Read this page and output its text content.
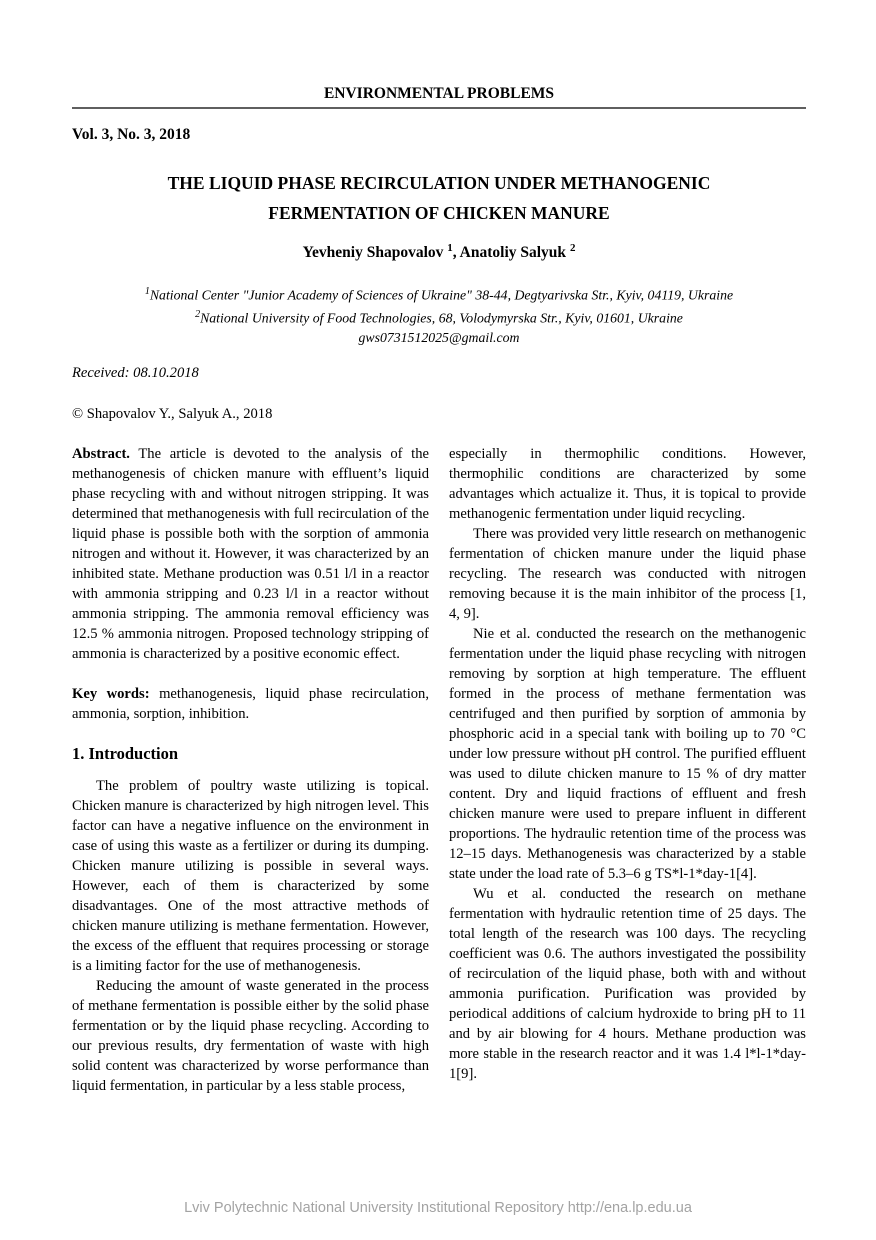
ENVIRONMENTAL PROBLEMS
Vol. 3, No. 3, 2018
THE LIQUID PHASE RECIRCULATION UNDER METHANOGENIC FERMENTATION OF CHICKEN MANURE
Yevheniy Shapovalov $^1$, Anatoliy Salyuk $^2$
$^1$National Center "Junior Academy of Sciences of Ukraine" 38-44, Degtyarivska Str., Kyiv, 04119, Ukraine
$^2$National University of Food Technologies, 68, Volodymyrska Str., Kyiv, 01601, Ukraine
gws0731512025@gmail.com
Received: 08.10.2018
© Shapovalov Y., Salyuk A., 2018

Abstract. The article is devoted to the analysis of the methanogenesis of chicken manure with effluent’s liquid phase recycling with and without nitrogen stripping. It was determined that methanogenesis with full recirculation of the liquid phase is possible both with the sorption of ammonia nitrogen and without it. However, it was characterized by an inhibited state. Methane production was 0.51 l/l in a reactor with ammonia stripping and 0.23 l/l in a reactor without ammonia stripping. The ammonia removal efficiency was 12.5 % ammonia nitrogen. Proposed technology stripping of ammonia is characterized by a positive economic effect.

Key words: methanogenesis, liquid phase recirculation, ammonia, sorption, inhibition.

1. Introduction

The problem of poultry waste utilizing is topical. Chicken manure is characterized by high nitrogen level. This factor can have a negative influence on the environment in case of using this waste as a fertilizer or during its dumping. Chicken manure utilizing is possible in several ways. However, each of them is characterized by some disadvantages. One of the most attractive methods of chicken manure utilizing is methane fermentation. However, the excess of the effluent that requires processing or storage is a limiting factor for the use of methanogenesis.

Reducing the amount of waste generated in the process of methane fermentation is possible either by the solid phase fermentation or by the liquid phase recycling. According to our previous results, dry fermentation of waste with high solid content was characterized by worse performance than liquid fermentation, in particular by a less stable process,

especially in thermophilic conditions. However, thermophilic conditions are characterized by some advantages which actualize it. Thus, it is topical to provide methanogenic fermentation under liquid recycling.

There was provided very little research on methanogenic fermentation of chicken manure under the liquid phase recycling. The research was conducted with nitrogen removing because it is the main inhibitor of the process [1, 4, 9].

Nie et al. conducted the research on the methanogenic fermentation under the liquid phase recycling with nitrogen removing by sorption at high temperature. The effluent formed in the process of methane fermentation was centrifuged and then purified by sorption of ammonia by phosphoric acid in a special tank with boiling up to 70 °C under low pressure without pH control. The purified effluent was used to dilute chicken manure to 15 % of dry matter content. Dry and liquid fractions of effluent and fresh chicken manure were used to prepare influent in different proportions. The hydraulic retention time of the process was 12–15 days. Methanogenesis was characterized by a stable state under the load rate of 5.3–6 g TS*l-1*day-1[4].

Wu et al. conducted the research on methane fermentation with hydraulic retention time of 25 days. The total length of the research was 100 days. The recycling coefficient was 0.6. The authors investigated the possibility of recirculation of the liquid phase, both with and without ammonia purification. Purification was provided by periodical additions of calcium hydroxide to bring pH to 11 and by air blowing for 4 hours. Methane production was more stable in the research reactor and it was 1.4 l*l-1*day-1[9].

Lviv Polytechnic National University Institutional Repository http://ena.lp.edu.ua
